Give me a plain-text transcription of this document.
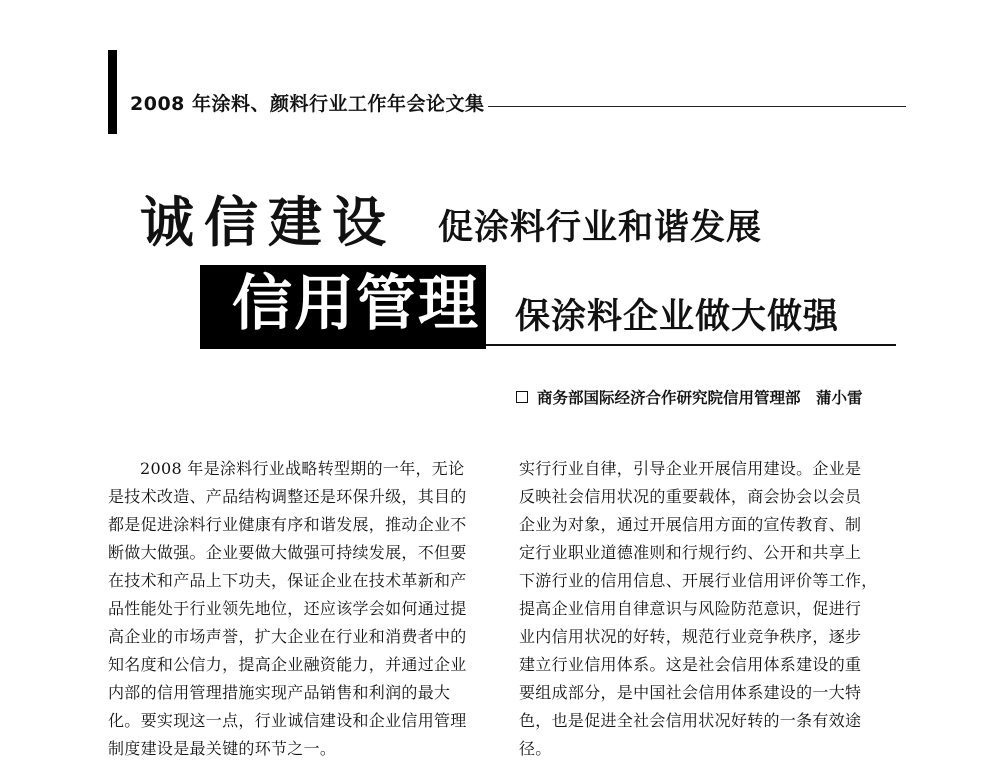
2008 年涂料、颜料行业工作年会论文集
诚信建设 促涂料行业和谐发展
信用管理 保涂料企业做大做强
商务部国际经济合作研究院信用管理部　蒲小雷
2008 年是涂料行业战略转型期的一年，无论
是技术改造、产品结构调整还是环保升级，其目的
都是促进涂料行业健康有序和谐发展，推动企业不
断做大做强。企业要做大做强可持续发展，不但要
在技术和产品上下功夫，保证企业在技术革新和产
品性能处于行业领先地位，还应该学会如何通过提
高企业的市场声誉，扩大企业在行业和消费者中的
知名度和公信力，提高企业融资能力，并通过企业
内部的信用管理措施实现产品销售和利润的最大
化。要实现这一点，行业诚信建设和企业信用管理
制度建设是最关键的环节之一。
实行行业自律，引导企业开展信用建设。企业是
反映社会信用状况的重要载体，商会协会以会员
企业为对象，通过开展信用方面的宣传教育、制
定行业职业道德准则和行规行约、公开和共享上
下游行业的信用信息、开展行业信用评价等工作，
提高企业信用自律意识与风险防范意识，促进行
业内信用状况的好转，规范行业竞争秩序，逐步
建立行业信用体系。这是社会信用体系建设的重
要组成部分，是中国社会信用体系建设的一大特
色，也是促进全社会信用状况好转的一条有效途
径。
